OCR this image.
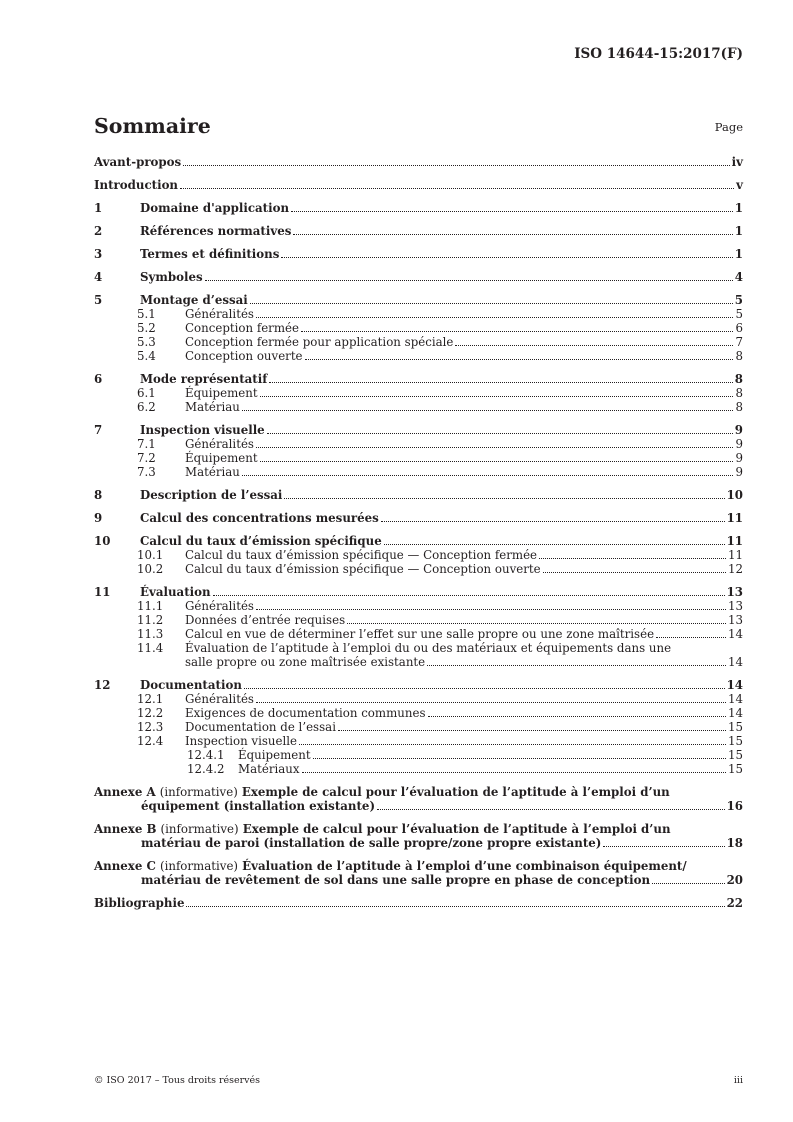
ISO 14644-15:2017(F)
Sommaire	Page
Avant-propos	iv
Introduction	v
1	Domaine d'application	1
2	Références normatives	1
3	Termes et définitions	1
4	Symboles	4
5	Montage d’essai	5
5.1	Généralités	5
5.2	Conception fermée	6
5.3	Conception fermée pour application spéciale	7
5.4	Conception ouverte	8
6	Mode représentatif	8
6.1	Équipement	8
6.2	Matériau	8
7	Inspection visuelle	9
7.1	Généralités	9
7.2	Équipement	9
7.3	Matériau	9
8	Description de l’essai	10
9	Calcul des concentrations mesurées	11
10	Calcul du taux d’émission spécifique	11
10.1	Calcul du taux d’émission spécifique — Conception fermée	11
10.2	Calcul du taux d’émission spécifique — Conception ouverte	12
11	Évaluation	13
11.1	Généralités	13
11.2	Données d’entrée requises	13
11.3	Calcul en vue de déterminer l’effet sur une salle propre ou une zone maîtrisée	14
11.4	Évaluation de l’aptitude à l’emploi du ou des matériaux et équipements dans une
salle propre ou zone maîtrisée existante	14
12	Documentation	14
12.1	Généralités	14
12.2	Exigences de documentation communes	14
12.3	Documentation de l’essai	15
12.4	Inspection visuelle	15
12.4.1	Équipement	15
12.4.2	Matériaux	15
Annexe A (informative) Exemple de calcul pour l’évaluation de l’aptitude à l’emploi d’un
équipement (installation existante)	16
Annexe B (informative) Exemple de calcul pour l’évaluation de l’aptitude à l’emploi d’un
matériau de paroi (installation de salle propre/zone propre existante)	18
Annexe C (informative) Évaluation de l’aptitude à l’emploi d’une combinaison équipement/
matériau de revêtement de sol dans une salle propre en phase de conception	20
Bibliographie	22
© ISO 2017 – Tous droits réservés	iii
